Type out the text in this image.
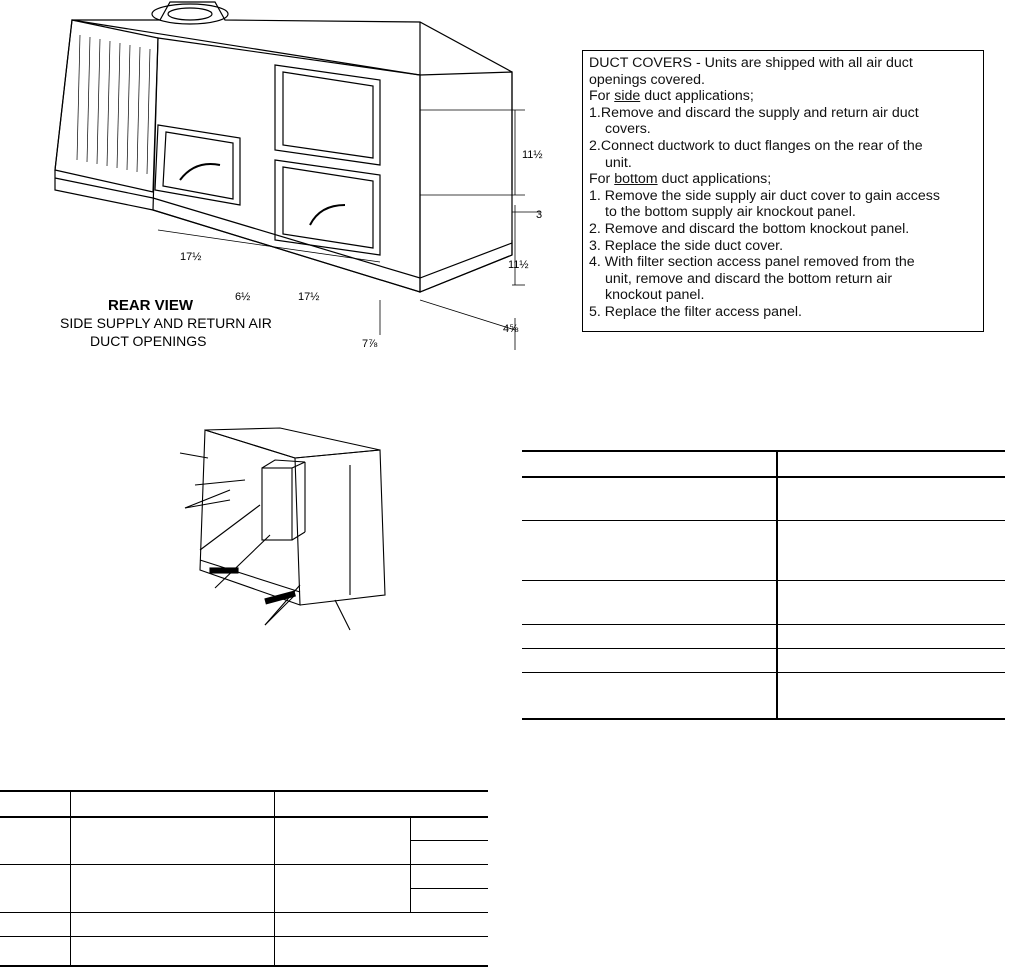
11½
3
11½
17½
6½	17½
4⅝
7⅞
REAR VIEW
SIDE SUPPLY AND RETURN AIR
DUCT OPENINGS

DUCT COVERS - Units are shipped with all air duct

openings covered.

For side duct applications;

1.Remove and discard the supply and return air duct

covers.

2.Connect ductwork to duct flanges on the rear of the

unit.

For bottom duct applications;

1. Remove the side supply air duct cover to gain access

to the bottom supply air knockout panel.

2. Remove and discard the bottom knockout panel.

3. Replace the side duct cover.

4. With filter section access panel removed from the

unit, remove and discard the bottom return air

knockout panel.

5. Replace the filter access panel.
